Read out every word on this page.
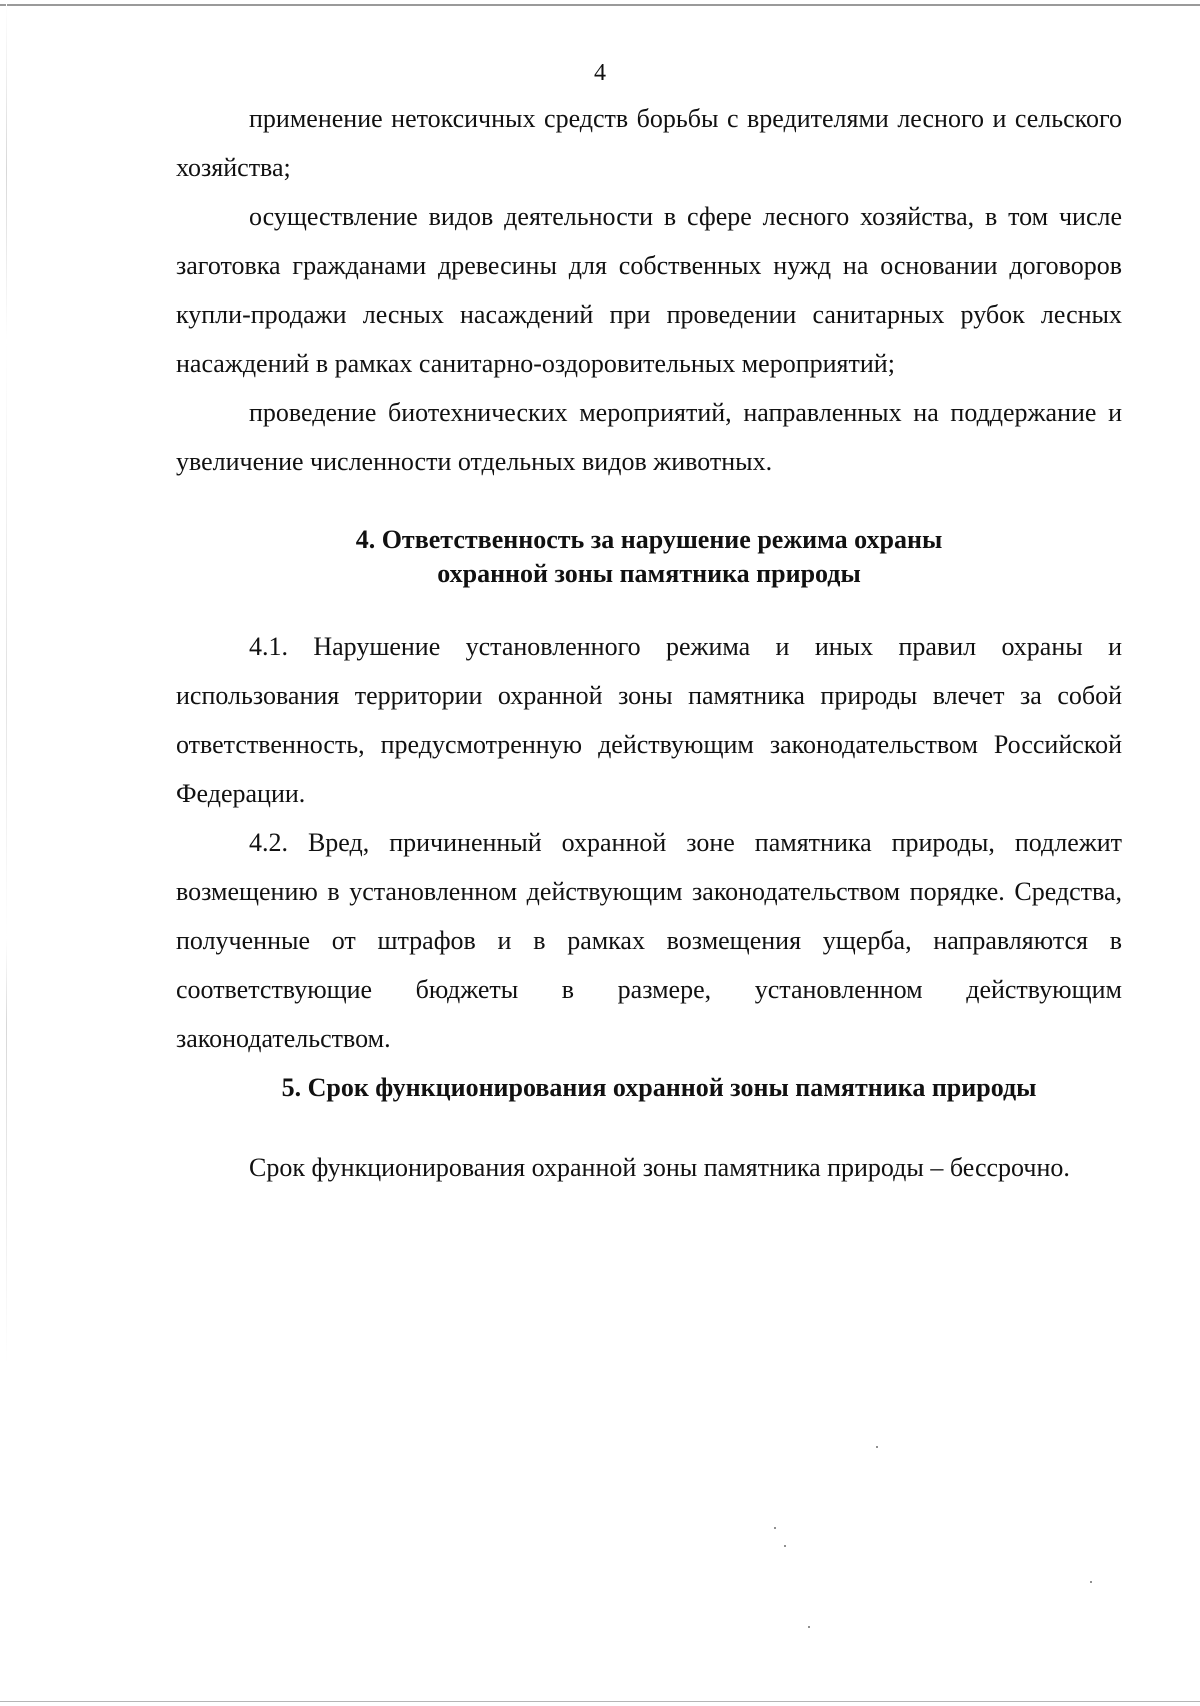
4

применение нетоксичных средств борьбы с вредителями лесного и сельского хозяйства;

осуществление видов деятельности в сфере лесного хозяйства, в том числе заготовка гражданами древесины для собственных нужд на основании договоров купли-продажи лесных насаждений при проведении санитарных рубок лесных насаждений в рамках санитарно-оздоровительных мероприятий;

проведение биотехнических мероприятий, направленных на поддержание и увеличение численности отдельных видов животных.

4. Ответственность за нарушение режима охраны
охранной зоны памятника природы

4.1. Нарушение установленного режима и иных правил охраны и использования территории охранной зоны памятника природы влечет за собой ответственность, предусмотренную действующим законодательством Российской Федерации.

4.2. Вред, причиненный охранной зоне памятника природы, подлежит возмещению в установленном действующим законодательством порядке. Средства, полученные от штрафов и в рамках возмещения ущерба, направляются в соответствующие бюджеты в размере, установленном действующим законодательством.

5. Срок функционирования охранной зоны памятника природы

Срок функционирования охранной зоны памятника природы – бессрочно.
